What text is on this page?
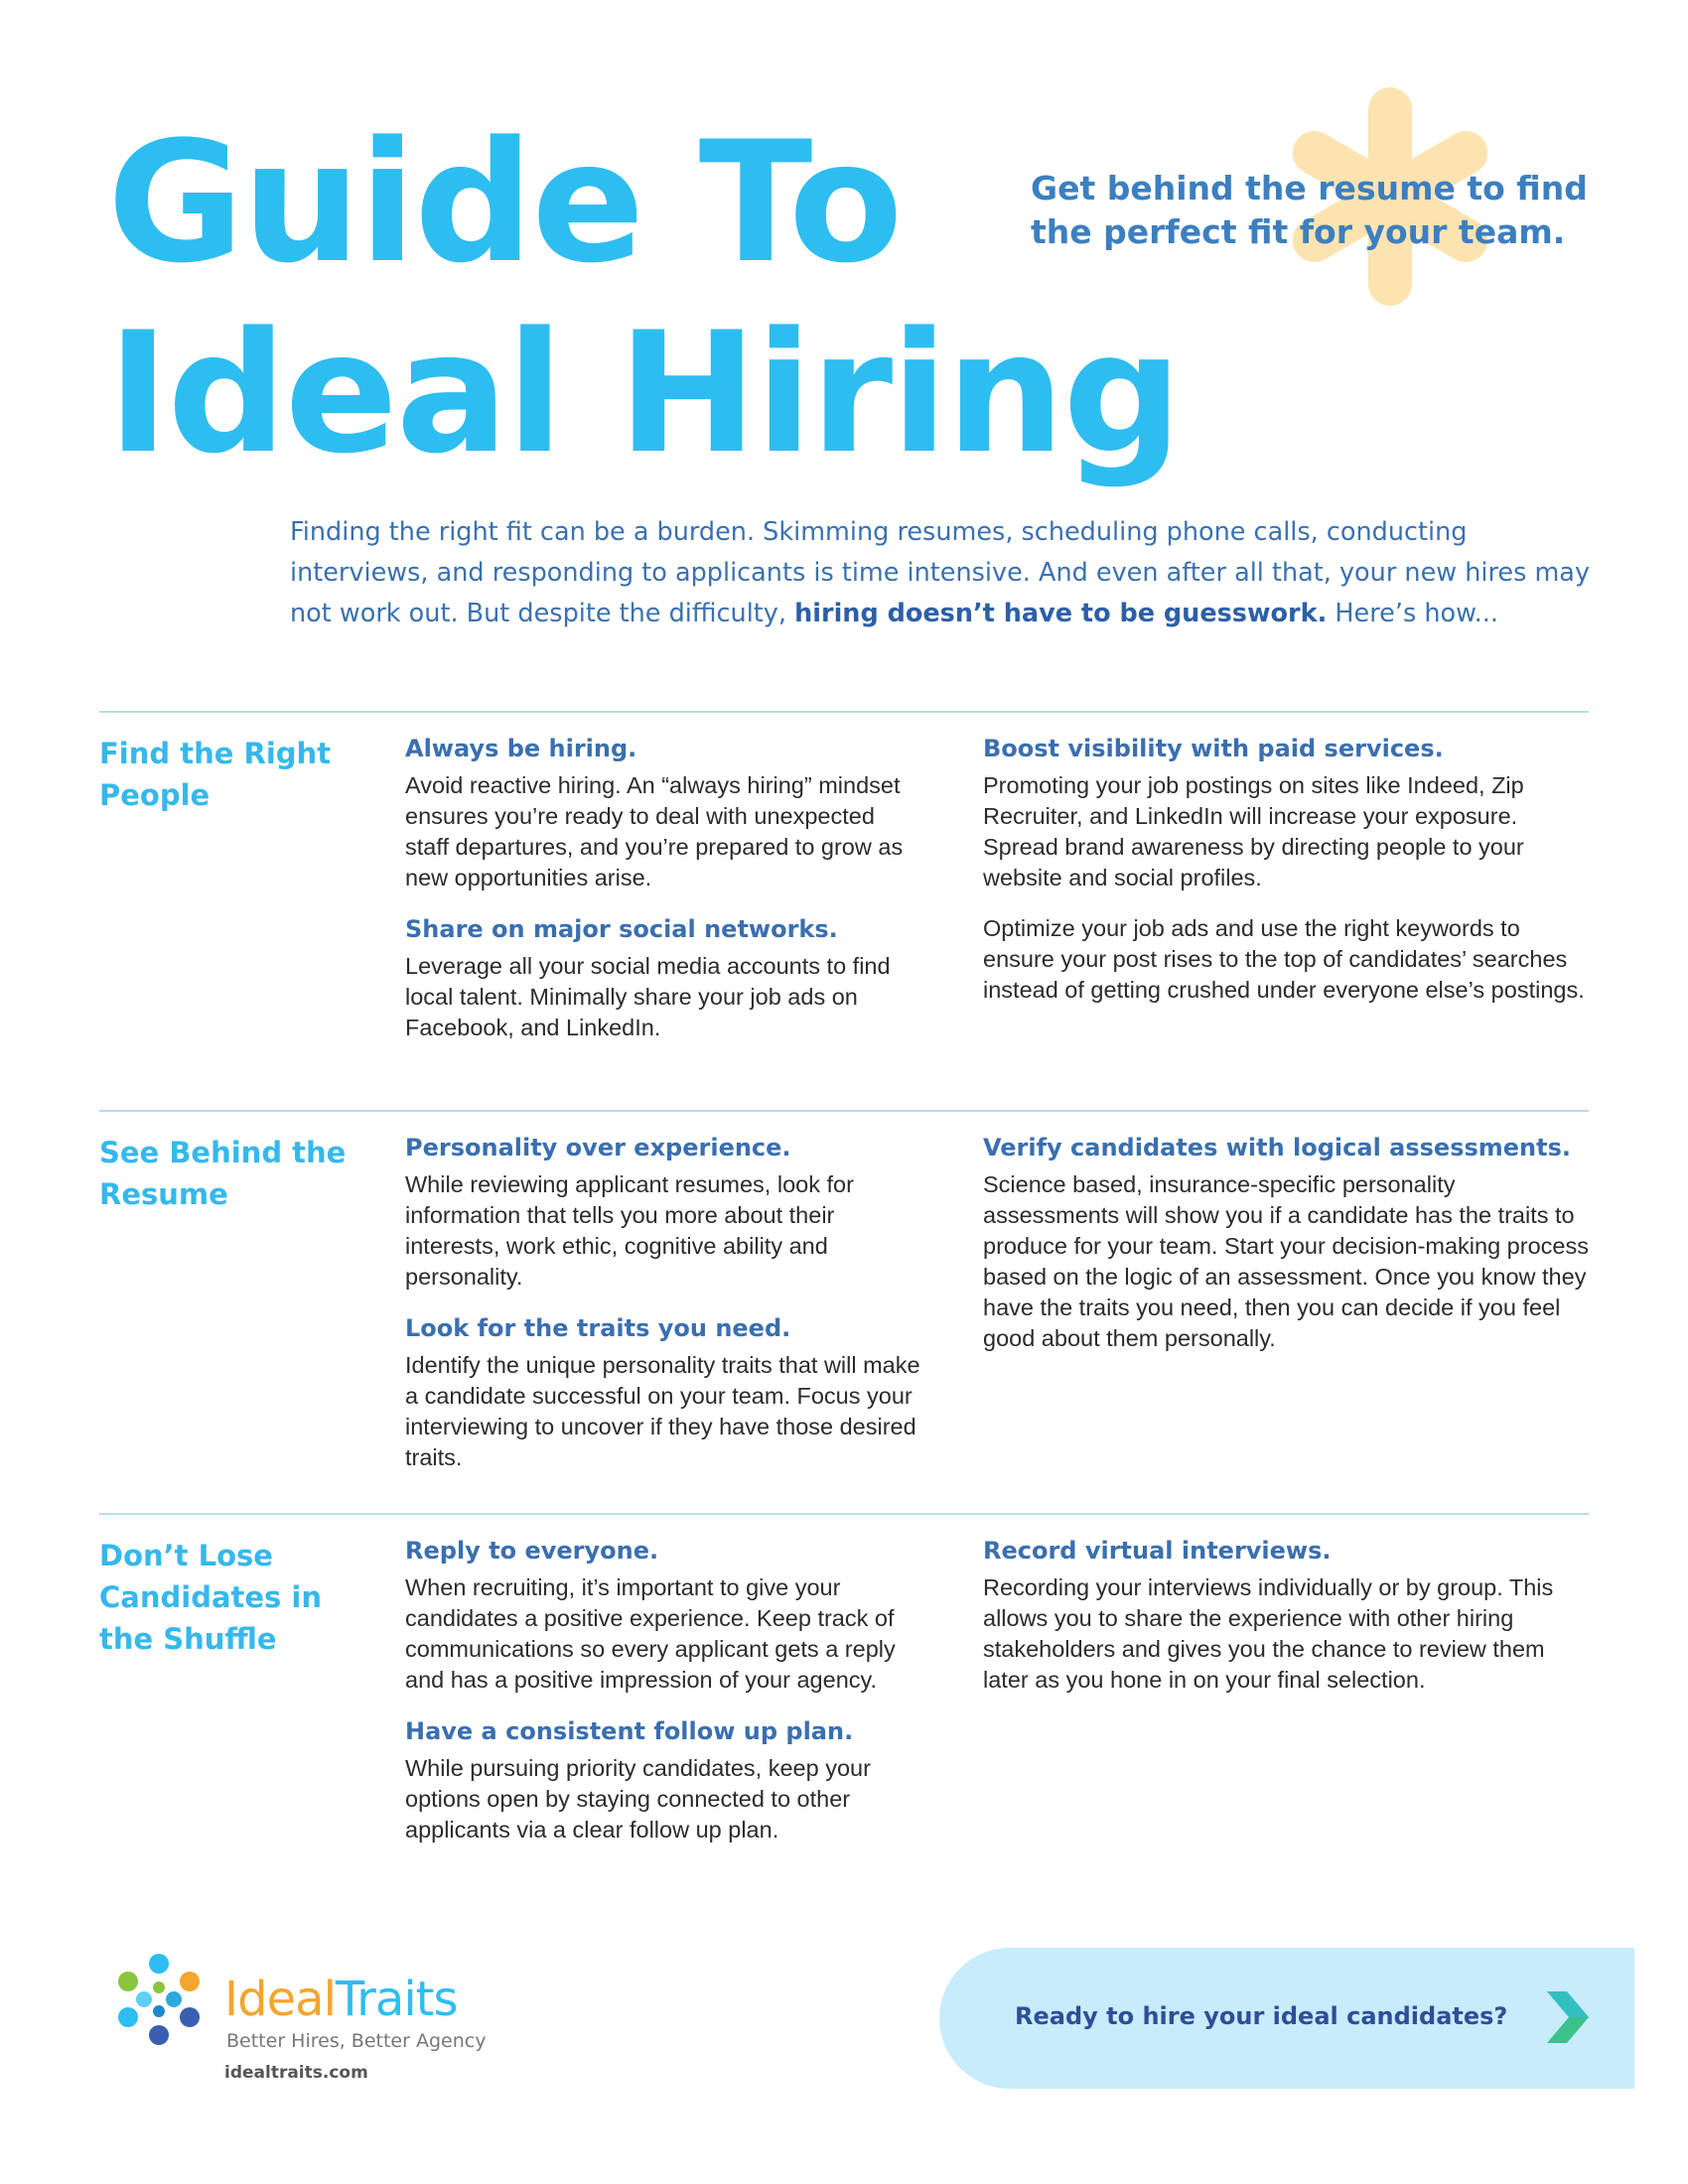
Guide To
Ideal Hiring
Get behind the resume to find the perfect fit for your team.
Finding the right fit can be a burden. Skimming resumes, scheduling phone calls, conducting interviews, and responding to applicants is time intensive. And even after all that, your new hires may not work out. But despite the difficulty, hiring doesn’t have to be guesswork. Here’s how...
Find the Right People
Always be hiring.

Avoid reactive hiring. An “always hiring” mindset ensures you’re ready to deal with unexpected staff departures, and you’re prepared to grow as new opportunities arise.

Share on major social networks.

Leverage all your social media accounts to find local talent. Minimally share your job ads on Facebook, and LinkedIn.

Boost visibility with paid services.

Promoting your job postings on sites like Indeed, Zip Recruiter, and LinkedIn will increase your exposure. Spread brand awareness by directing people to your website and social profiles.

Optimize your job ads and use the right keywords to ensure your post rises to the top of candidates’ searches instead of getting crushed under everyone else’s postings.

See Behind the Resume
Personality over experience.

While reviewing applicant resumes, look for information that tells you more about their interests, work ethic, cognitive ability and personality.

Look for the traits you need.

Identify the unique personality traits that will make a candidate successful on your team. Focus your interviewing to uncover if they have those desired traits.

Verify candidates with logical assessments.

Science based, insurance-specific personality assessments will show you if a candidate has the traits to produce for your team. Start your decision-making process based on the logic of an assessment. Once you know they have the traits you need, then you can decide if you feel good about them personally.

Don’t Lose Candidates in the Shuffle
Reply to everyone.

When recruiting, it’s important to give your candidates a positive experience. Keep track of communications so every applicant gets a reply and has a positive impression of your agency.

Have a consistent follow up plan.

While pursuing priority candidates, keep your options open by staying connected to other applicants via a clear follow up plan.

Record virtual interviews.

Recording your interviews individually or by group. This allows you to share the experience with other hiring stakeholders and gives you the chance to review them later as you hone in on your final selection.

IdealTraits
Better Hires, Better Agency
idealtraits.com
Ready to hire your ideal candidates?
